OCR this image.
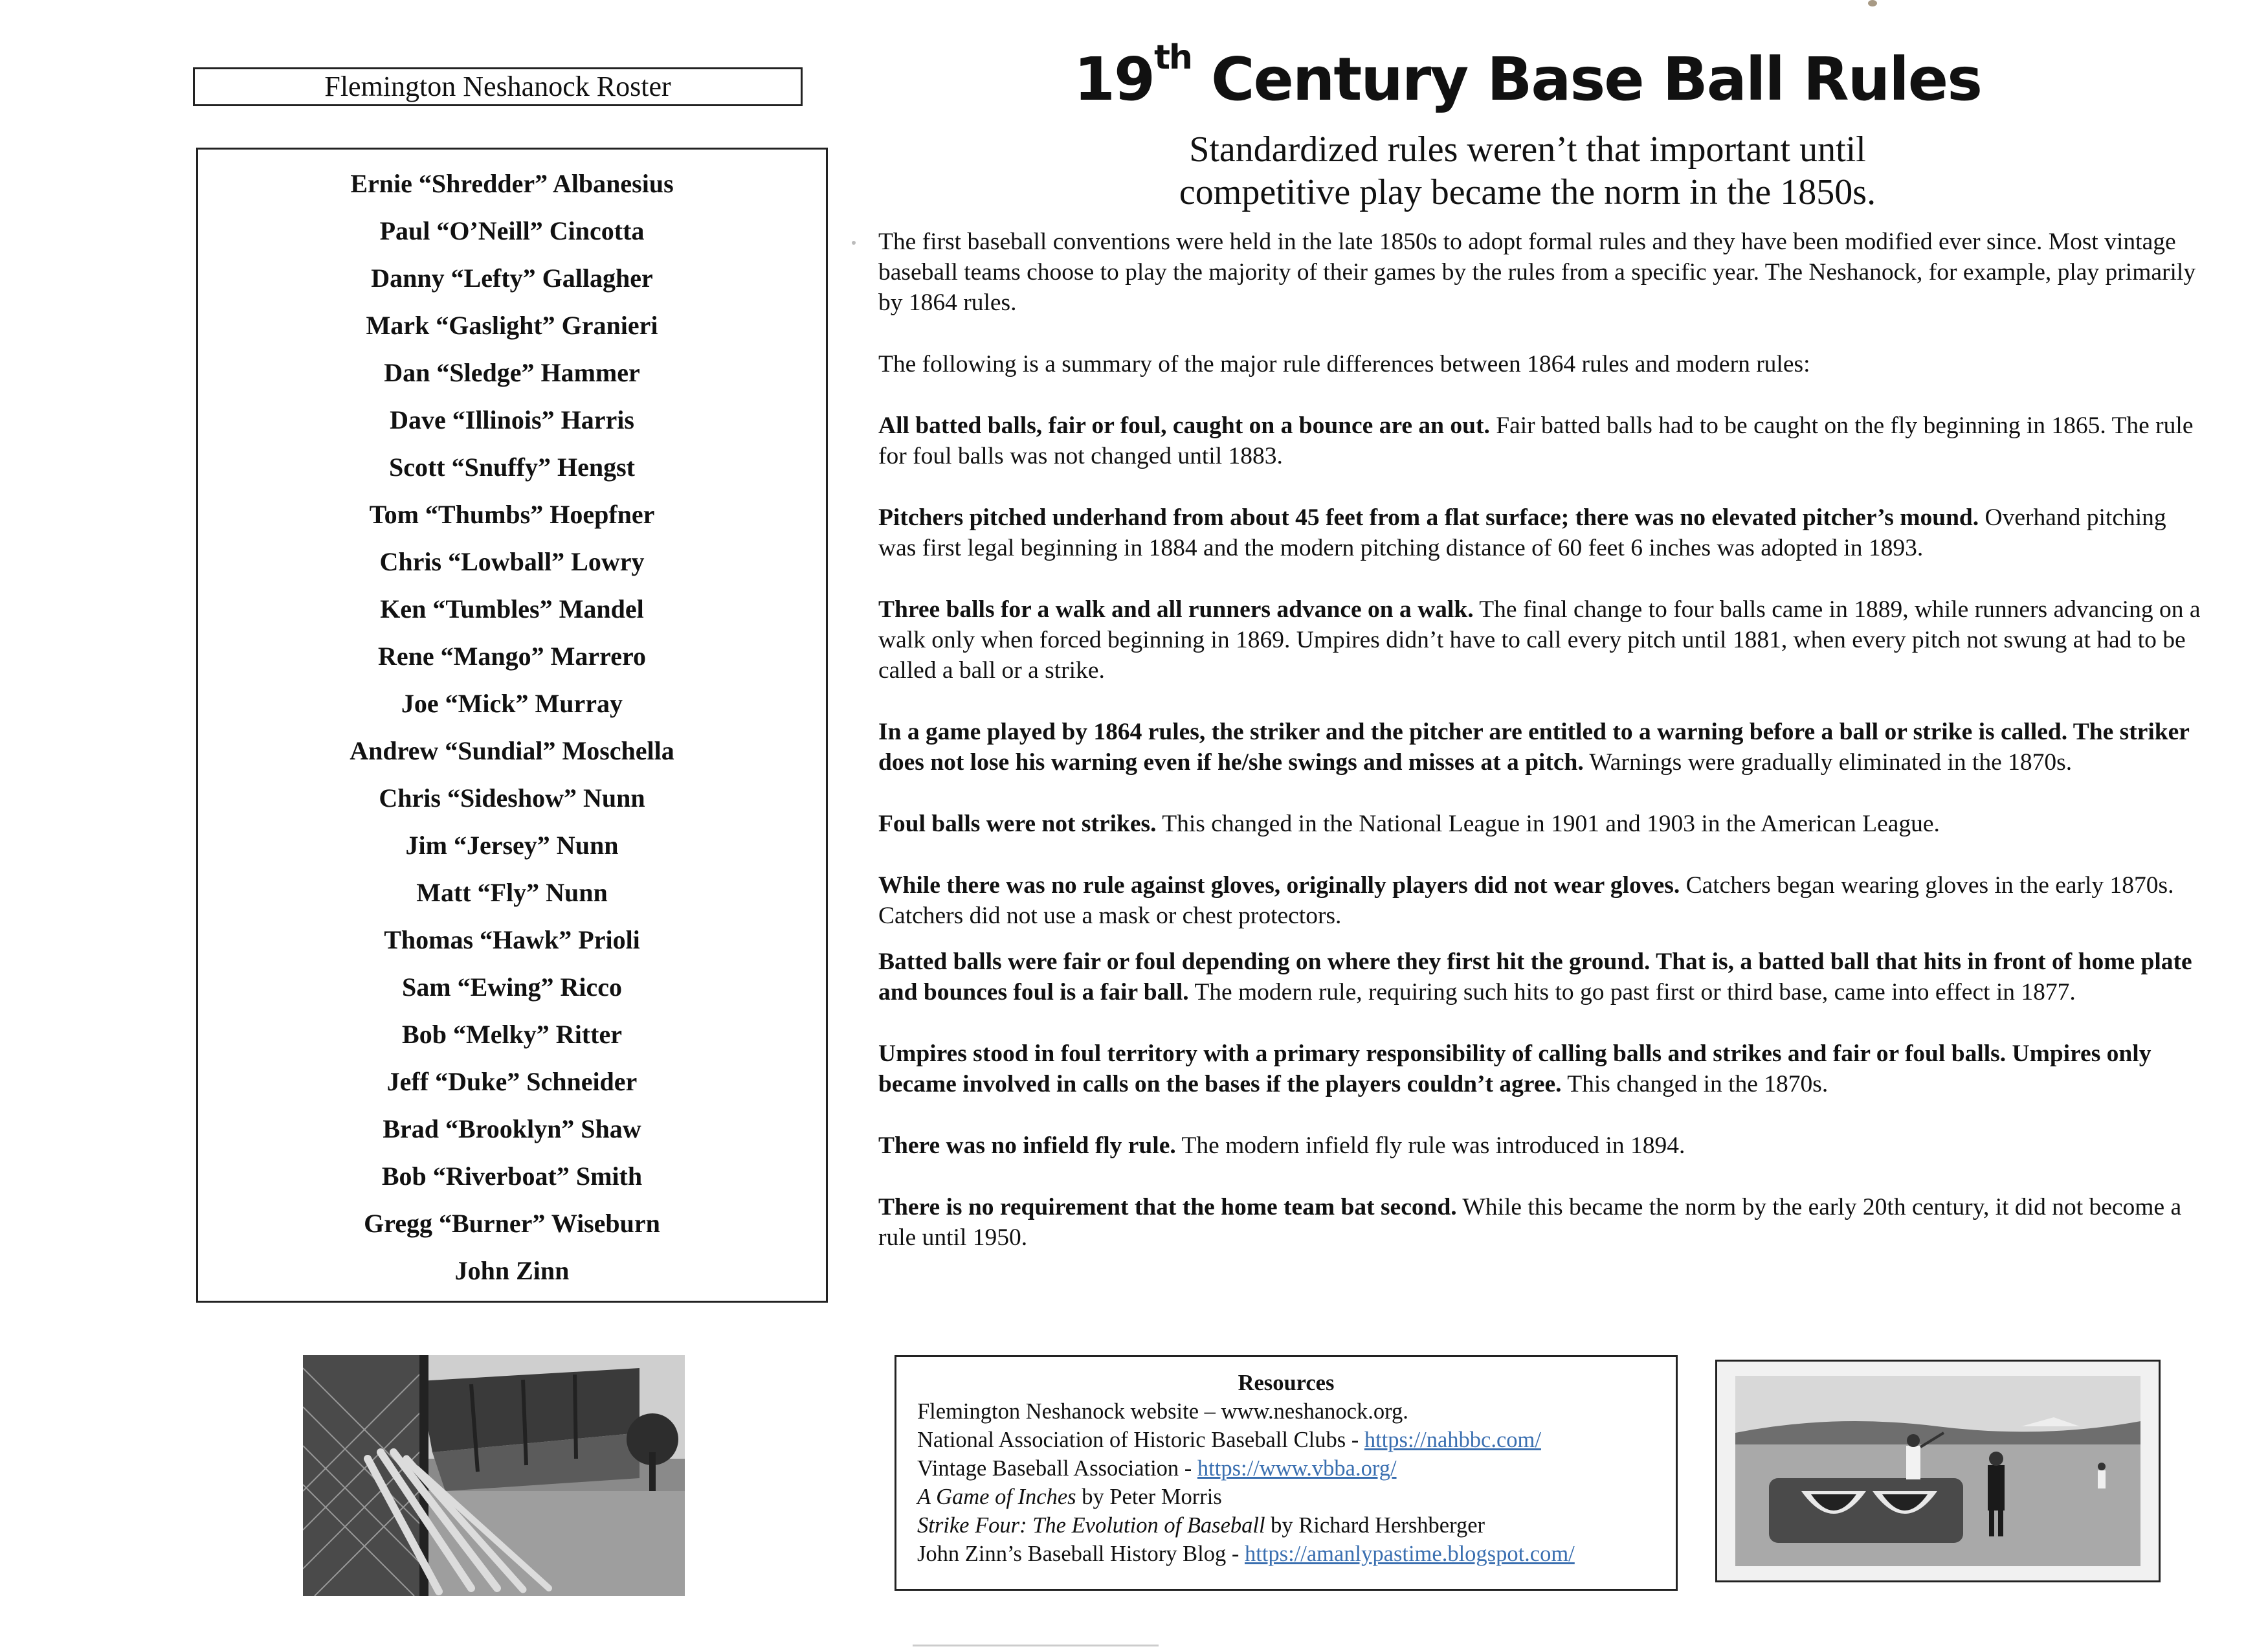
Flemington Neshanock Roster
Ernie “Shredder” Albanesius
Paul “O’Neill” Cincotta
Danny “Lefty” Gallagher
Mark “Gaslight” Granieri
Dan “Sledge” Hammer
Dave “Illinois” Harris
Scott “Snuffy” Hengst
Tom “Thumbs” Hoepfner
Chris “Lowball” Lowry
Ken “Tumbles” Mandel
Rene “Mango” Marrero
Joe “Mick” Murray
Andrew “Sundial” Moschella
Chris “Sideshow” Nunn
Jim “Jersey” Nunn
Matt “Fly” Nunn
Thomas “Hawk” Prioli
Sam “Ewing” Ricco
Bob “Melky” Ritter
Jeff “Duke” Schneider
Brad “Brooklyn” Shaw
Bob “Riverboat” Smith
Gregg “Burner” Wiseburn
John Zinn
19th Century Base Ball Rules
Standardized rules weren’t that important until
competitive play became the norm in the 1850s.

The first baseball conventions were held in the late 1850s to adopt formal rules and they have been modified ever since. Most vintage baseball teams choose to play the majority of their games by the rules from a specific year. The Neshanock, for example, play primarily by 1864 rules.

The following is a summary of the major rule differences between 1864 rules and modern rules:

All batted balls, fair or foul, caught on a bounce are an out. Fair batted balls had to be caught on the fly beginning in 1865. The rule for foul balls was not changed until 1883.

Pitchers pitched underhand from about 45 feet from a flat surface; there was no elevated pitcher’s mound. Overhand pitching was first legal beginning in 1884 and the modern pitching distance of 60 feet 6 inches was adopted in 1893.

Three balls for a walk and all runners advance on a walk. The final change to four balls came in 1889, while runners advancing on a walk only when forced beginning in 1869. Umpires didn’t have to call every pitch until 1881, when every pitch not swung at had to be called a ball or a strike.

In a game played by 1864 rules, the striker and the pitcher are entitled to a warning before a ball or strike is called. The striker does not lose his warning even if he/she swings and misses at a pitch. Warnings were gradually eliminated in the 1870s.

Foul balls were not strikes. This changed in the National League in 1901 and 1903 in the American League.

While there was no rule against gloves, originally players did not wear gloves. Catchers began wearing gloves in the early 1870s. Catchers did not use a mask or chest protectors.

Batted balls were fair or foul depending on where they first hit the ground. That is, a batted ball that hits in front of home plate and bounces foul is a fair ball. The modern rule, requiring such hits to go past first or third base, came into effect in 1877.

Umpires stood in foul territory with a primary responsibility of calling balls and strikes and fair or foul balls. Umpires only became involved in calls on the bases if the players couldn’t agree. This changed in the 1870s.

There was no infield fly rule. The modern infield fly rule was introduced in 1894.

There is no requirement that the home team bat second. While this became the norm by the early 20th century, it did not become a rule until 1950.

Resources
Flemington Neshanock website – www.neshanock.org.
National Association of Historic Baseball Clubs - https://nahbbc.com/
Vintage Baseball Association - https://www.vbba.org/
A Game of Inches by Peter Morris
Strike Four: The Evolution of Baseball by Richard Hershberger
John Zinn’s Baseball History Blog - https://amanlypastime.blogspot.com/
